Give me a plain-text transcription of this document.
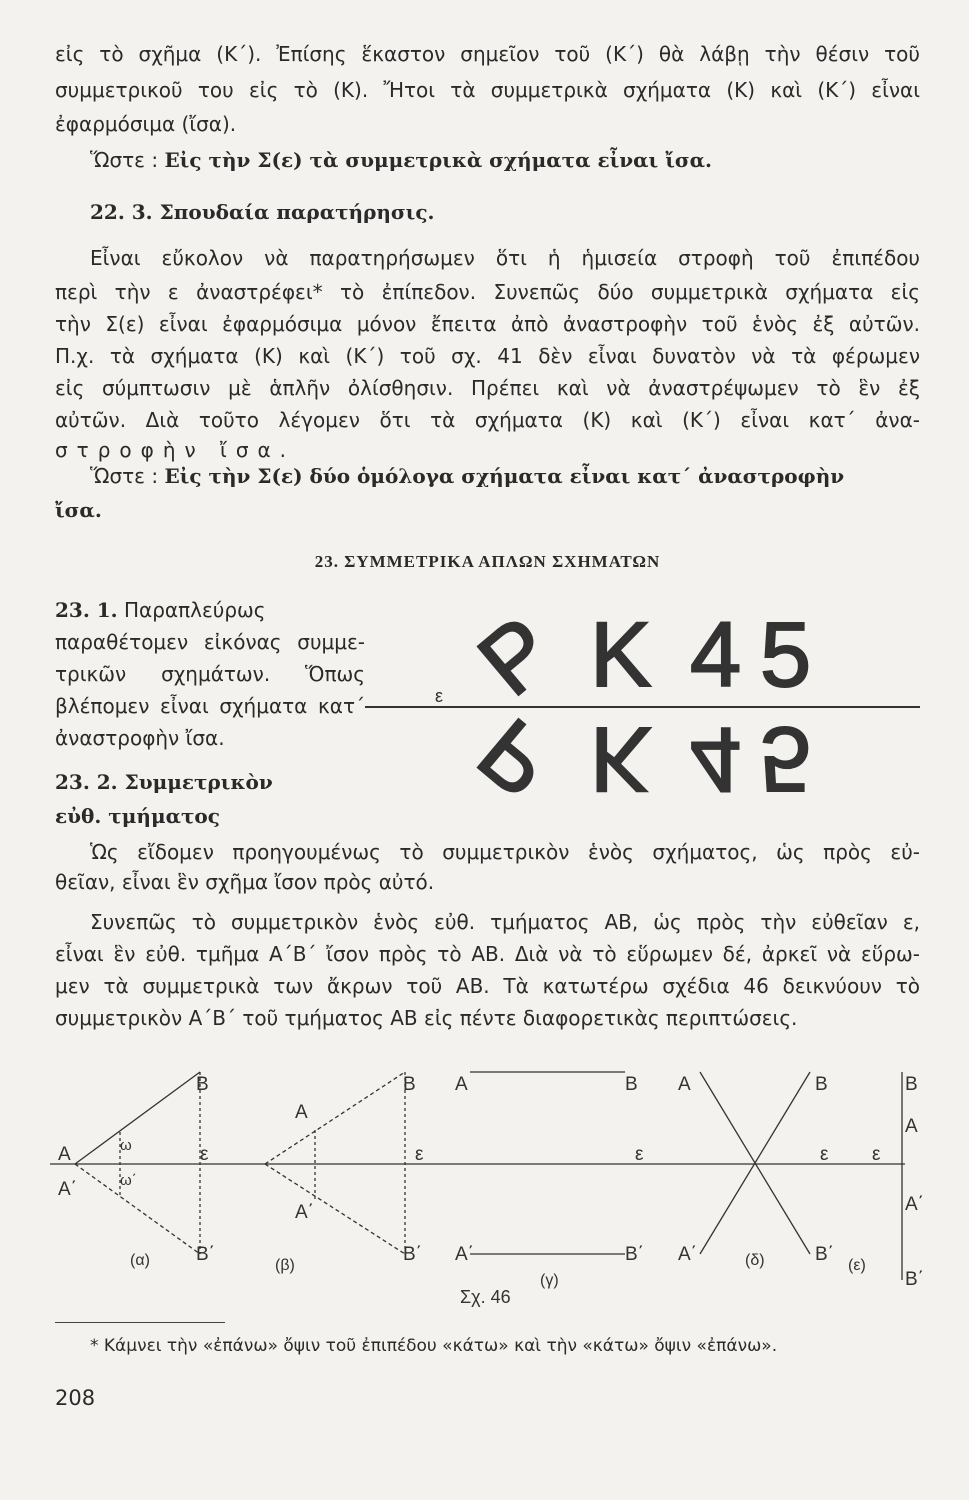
εἰς τὸ σχῆμα (Κ΄). Ἐπίσης ἕκαστον σημεῖον τοῦ (Κ΄) θὰ λάβῃ τὴν θέσιν τοῦ
συμμετρικοῦ του εἰς τὸ (Κ). Ἤτοι τὰ συμμετρικὰ σχήματα (Κ) καὶ (Κ΄) εἶναι
ἐφαρμόσιμα (ἴσα).
Ὥστε : Εἰς τὴν Σ(ε) τὰ συμμετρικὰ σχήματα εἶναι ἴσα.
22. 3. Σπουδαία παρατήρησις.
Εἶναι εὔκολον νὰ παρατηρήσωμεν ὅτι ἡ ἡμισεία στροφὴ τοῦ ἐπιπέδου
περὶ τὴν ε ἀναστρέφει* τὸ ἐπίπεδον. Συνεπῶς δύο συμμετρικὰ σχήματα εἰς
τὴν Σ(ε) εἶναι ἐφαρμόσιμα μόνον ἔπειτα ἀπὸ ἀναστροφὴν τοῦ ἑνὸς ἐξ αὐτῶν.
Π.χ. τὰ σχήματα (Κ) καὶ (Κ΄) τοῦ σχ. 41 δὲν εἶναι δυνατὸν νὰ τὰ φέρωμεν
εἰς σύμπτωσιν μὲ ἁπλῆν ὀλίσθησιν. Πρέπει καὶ νὰ ἀναστρέψωμεν τὸ ἓν ἐξ
αὐτῶν. Διὰ τοῦτο λέγομεν ὅτι τὰ σχήματα (Κ) καὶ (Κ΄) εἶναι κατ΄ ἀνα-
στροφὴν ἴσα.
Ὥστε : Εἰς τὴν Σ(ε) δύο ὁμόλογα σχήματα εἶναι κατ΄ ἀναστροφὴν
ἴσα.
23. ΣΥΜΜΕΤΡΙΚΑ ΑΠΛΩΝ ΣΧΗΜΑΤΩΝ
23. 1. Παραπλεύρως
παραθέτομεν εἰκόνας συμμε-
τρικῶν σχημάτων. Ὅπως
βλέπομεν εἶναι σχήματα κατ΄
ἀναστροφὴν ἴσα.
ε P K 4 5
P K 4 5
23. 2. Συμμετρικὸν
εὐθ. τμήματος
Ὡς εἴδομεν προηγουμένως τὸ συμμετρικὸν ἑνὸς σχήματος, ὡς πρὸς εὐ-
θεῖαν, εἶναι ἓν σχῆμα ἴσον πρὸς αὐτό.
Συνεπῶς τὸ συμμετρικὸν ἑνὸς εὐθ. τμήματος ΑΒ, ὡς πρὸς τὴν εὐθεῖαν ε,
εἶναι ἓν εὐθ. τμῆμα Α΄Β΄ ἴσον πρὸς τὸ ΑΒ. Διὰ νὰ τὸ εὕρωμεν δέ, ἀρκεῖ νὰ εὕρω-
μεν τὰ συμμετρικὰ των ἄκρων τοῦ ΑΒ. Τὰ κατωτέρω σχέδια 46 δεικνύουν τὸ
συμμετρικὸν Α΄Β΄ τοῦ τμήματος ΑΒ εἰς πέντε διαφορετικὰς περιπτώσεις.
A
A΄
B
B΄
ω
ω΄
ε
(α)
A
A΄
B
B΄
ε
(β)
A
A΄
B
B΄
ε
(γ)
A
A΄
B
B΄
ε
(δ)
B
A
A΄
B΄
ε
(ε)
Σχ. 46
* Κάμνει τὴν «ἐπάνω» ὄψιν τοῦ ἐπιπέδου «κάτω» καὶ τὴν «κάτω» ὄψιν «ἐπάνω».
208
